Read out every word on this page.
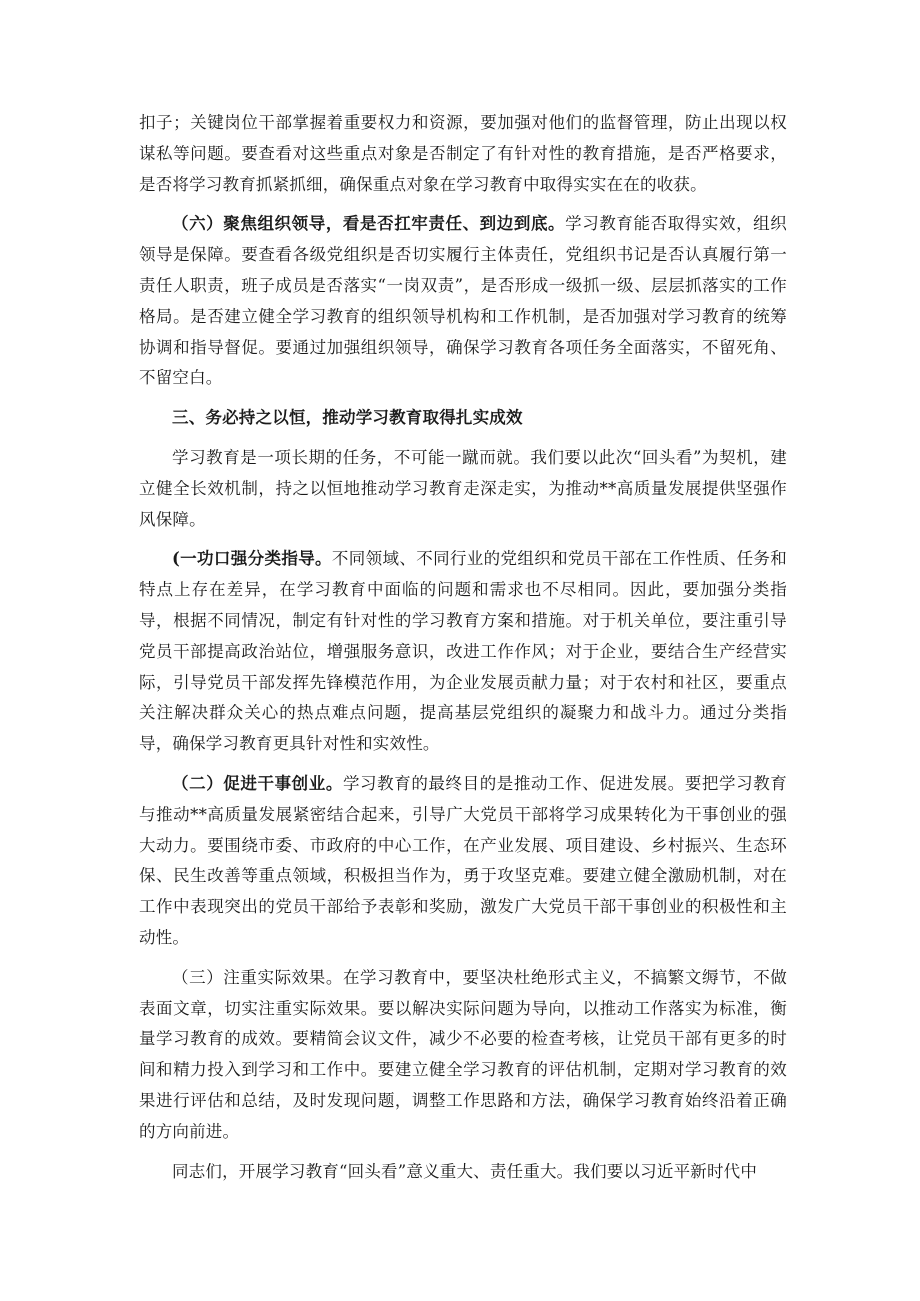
扣子；关键岗位干部掌握着重要权力和资源，要加强对他们的监督管理，防止出现以权谋私等问题。要查看对这些重点对象是否制定了有针对性的教育措施，是否严格要求，是否将学习教育抓紧抓细，确保重点对象在学习教育中取得实实在在的收获。

（六）聚焦组织领导，看是否扛牢责任、到边到底。学习教育能否取得实效，组织领导是保障。要查看各级党组织是否切实履行主体责任，党组织书记是否认真履行第一责任人职责，班子成员是否落实“一岗双责”，是否形成一级抓一级、层层抓落实的工作格局。是否建立健全学习教育的组织领导机构和工作机制，是否加强对学习教育的统筹协调和指导督促。要通过加强组织领导，确保学习教育各项任务全面落实，不留死角、不留空白。

三、务必持之以恒，推动学习教育取得扎实成效

学习教育是一项长期的任务，不可能一蹴而就。我们要以此次“回头看”为契机，建立健全长效机制，持之以恒地推动学习教育走深走实，为推动**高质量发展提供坚强作风保障。

(一功口强分类指导。不同领域、不同行业的党组织和党员干部在工作性质、任务和特点上存在差异，在学习教育中面临的问题和需求也不尽相同。因此，要加强分类指导，根据不同情况，制定有针对性的学习教育方案和措施。对于机关单位，要注重引导党员干部提高政治站位，增强服务意识，改进工作作风；对于企业，要结合生产经营实际，引导党员干部发挥先锋模范作用，为企业发展贡献力量；对于农村和社区，要重点关注解决群众关心的热点难点问题，提高基层党组织的凝聚力和战斗力。通过分类指导，确保学习教育更具针对性和实效性。

（二）促进干事创业。学习教育的最终目的是推动工作、促进发展。要把学习教育与推动**高质量发展紧密结合起来，引导广大党员干部将学习成果转化为干事创业的强大动力。要围绕市委、市政府的中心工作，在产业发展、项目建设、乡村振兴、生态环保、民生改善等重点领域，积极担当作为，勇于攻坚克难。要建立健全激励机制，对在工作中表现突出的党员干部给予表彰和奖励，激发广大党员干部干事创业的积极性和主动性。

（三）注重实际效果。在学习教育中，要坚决杜绝形式主义，不搞繁文缛节，不做表面文章，切实注重实际效果。要以解决实际问题为导向，以推动工作落实为标准，衡量学习教育的成效。要精简会议文件，减少不必要的检查考核，让党员干部有更多的时间和精力投入到学习和工作中。要建立健全学习教育的评估机制，定期对学习教育的效果进行评估和总结，及时发现问题，调整工作思路和方法，确保学习教育始终沿着正确的方向前进。

同志们，开展学习教育“回头看”意义重大、责任重大。我们要以习近平新时代中
